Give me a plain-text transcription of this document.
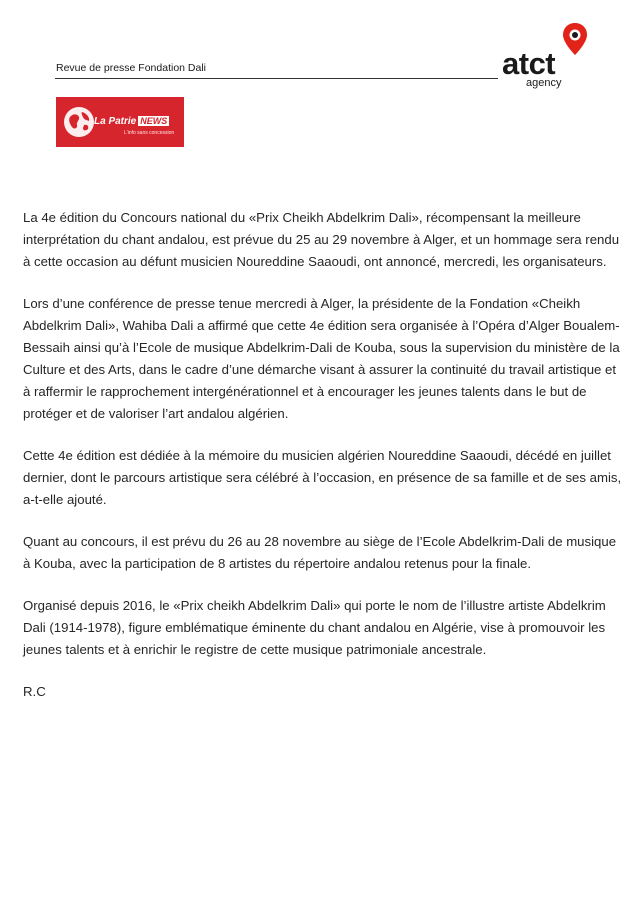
Revue de presse Fondation Dali	atct
agency
La Patrie NEWS
L'info sans concession

La 4e édition du Concours national du «Prix Cheikh Abdelkrim Dali», récompensant la meilleure interprétation du chant andalou, est prévue du 25 au 29 novembre à Alger, et un hommage sera rendu à cette occasion au défunt musicien Noureddine Saaoudi, ont annoncé, mercredi, les organisateurs.

Lors d’une conférence de presse tenue mercredi à Alger, la présidente de la Fondation «Cheikh Abdelkrim Dali», Wahiba Dali a affirmé que cette 4e édition sera organisée à l’Opéra d’Alger Boualem-Bessaih ainsi qu’à l’Ecole de musique Abdelkrim-Dali de Kouba, sous la supervision du ministère de la Culture et des Arts, dans le cadre d’une démarche visant à assurer la continuité du travail artistique et à raffermir le rapprochement intergénérationnel et à encourager les jeunes talents dans le but de protéger et de valoriser l’art andalou algérien.

Cette 4e édition est dédiée à la mémoire du musicien algérien Noureddine Saaoudi, décédé en juillet dernier, dont le parcours artistique sera célébré à l’occasion, en présence de sa famille et de ses amis, a-t-elle ajouté.

Quant au concours, il est prévu du 26 au 28 novembre au siège de l’Ecole Abdelkrim-Dali de musique à Kouba, avec la participation de 8 artistes du répertoire andalou retenus pour la finale.

Organisé depuis 2016, le «Prix cheikh Abdelkrim Dali» qui porte le nom de l’illustre artiste Abdelkrim Dali (1914-1978), figure emblématique éminente du chant andalou en Algérie, vise à promouvoir les jeunes talents et à enrichir le registre de cette musique patrimoniale ancestrale.

R.C
